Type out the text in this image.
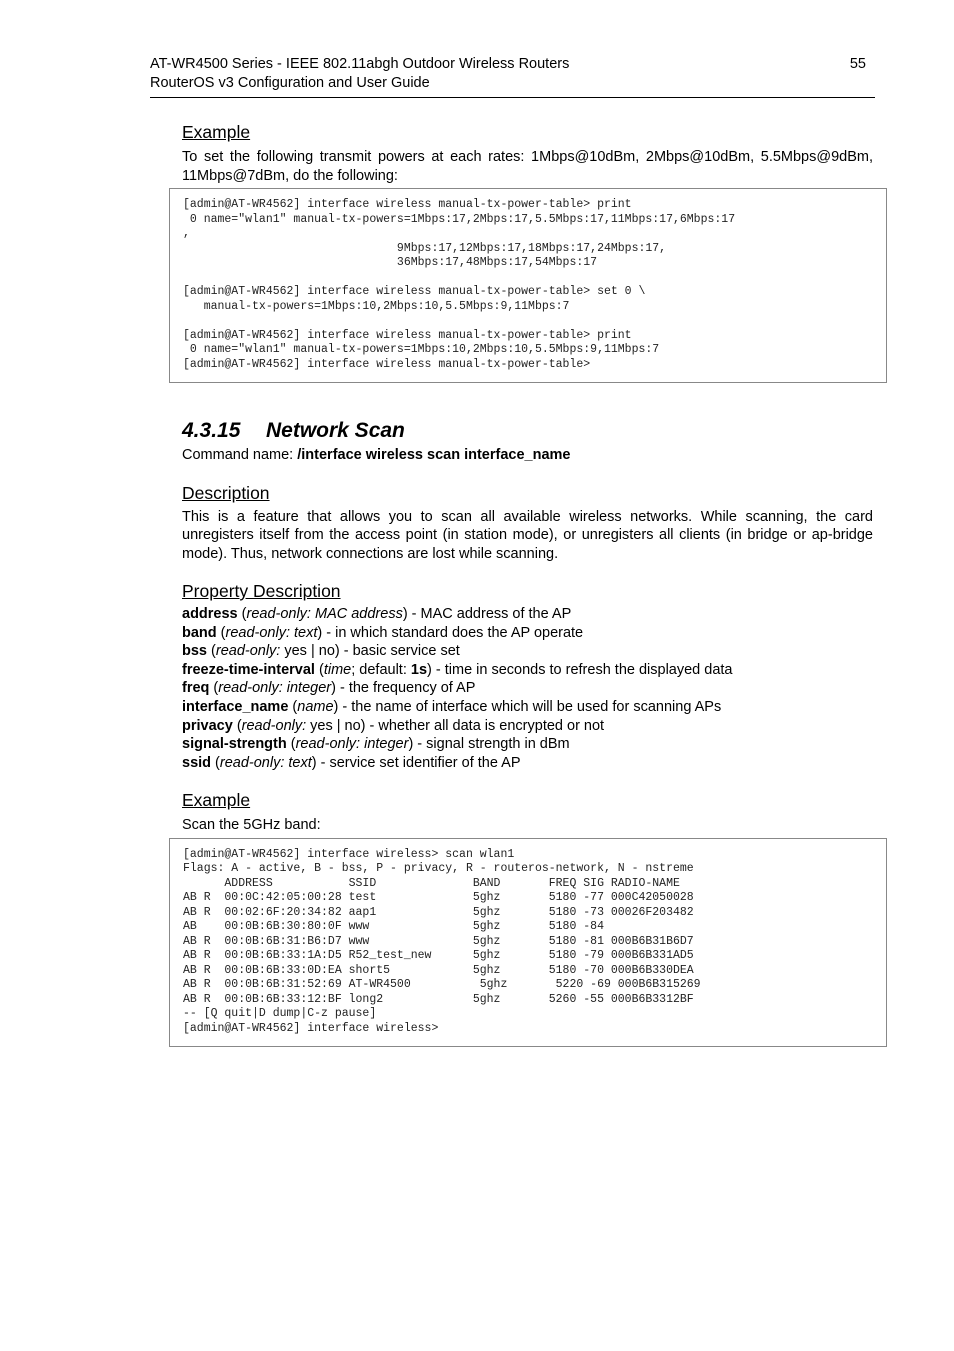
AT-WR4500 Series - IEEE 802.11abgh Outdoor Wireless Routers
RouterOS v3 Configuration and User Guide
55
Example

To set the following transmit powers at each rates: 1Mbps@10dBm, 2Mbps@10dBm, 5.5Mbps@9dBm, 11Mbps@7dBm, do the following:

[admin@AT-WR4562] interface wireless manual-tx-power-table> print
0 name="wlan1" manual-tx-powers=1Mbps:17,2Mbps:17,5.5Mbps:17,11Mbps:17,6Mbps:17
,
9Mbps:17,12Mbps:17,18Mbps:17,24Mbps:17,
36Mbps:17,48Mbps:17,54Mbps:17

[admin@AT-WR4562] interface wireless manual-tx-power-table> set 0 \
manual-tx-powers=1Mbps:10,2Mbps:10,5.5Mbps:9,11Mbps:7

[admin@AT-WR4562] interface wireless manual-tx-power-table> print
0 name="wlan1" manual-tx-powers=1Mbps:10,2Mbps:10,5.5Mbps:9,11Mbps:7
[admin@AT-WR4562] interface wireless manual-tx-power-table>
4.3.15 Network Scan

Command name: /interface wireless scan interface_name

Description

This is a feature that allows you to scan all available wireless networks. While scanning, the card unregisters itself from the access point (in station mode), or unregisters all clients (in bridge or ap-bridge mode). Thus, network connections are lost while scanning.

Property Description
address (read-only: MAC address) - MAC address of the AP
band (read-only: text) - in which standard does the AP operate
bss (read-only: yes | no) - basic service set
freeze-time-interval (time; default: 1s) - time in seconds to refresh the displayed data
freq (read-only: integer) - the frequency of AP
interface_name (name) - the name of interface which will be used for scanning APs
privacy (read-only: yes | no) - whether all data is encrypted or not
signal-strength (read-only: integer) - signal strength in dBm
ssid (read-only: text) - service set identifier of the AP
Example

Scan the 5GHz band:

[admin@AT-WR4562] interface wireless> scan wlan1
Flags: A - active, B - bss, P - privacy, R - routeros-network, N - nstreme
ADDRESS           SSID              BAND       FREQ SIG RADIO-NAME
AB R  00:0C:42:05:00:28 test              5ghz       5180 -77 000C42050028
AB R  00:02:6F:20:34:82 aap1              5ghz       5180 -73 00026F203482
AB    00:0B:6B:30:80:0F www               5ghz       5180 -84
AB R  00:0B:6B:31:B6:D7 www               5ghz       5180 -81 000B6B31B6D7
AB R  00:0B:6B:33:1A:D5 R52_test_new      5ghz       5180 -79 000B6B331AD5
AB R  00:0B:6B:33:0D:EA short5            5ghz       5180 -70 000B6B330DEA
AB R  00:0B:6B:31:52:69 AT-WR4500          5ghz       5220 -69 000B6B315269
AB R  00:0B:6B:33:12:BF long2             5ghz       5260 -55 000B6B3312BF
-- [Q quit|D dump|C-z pause]
[admin@AT-WR4562] interface wireless>
